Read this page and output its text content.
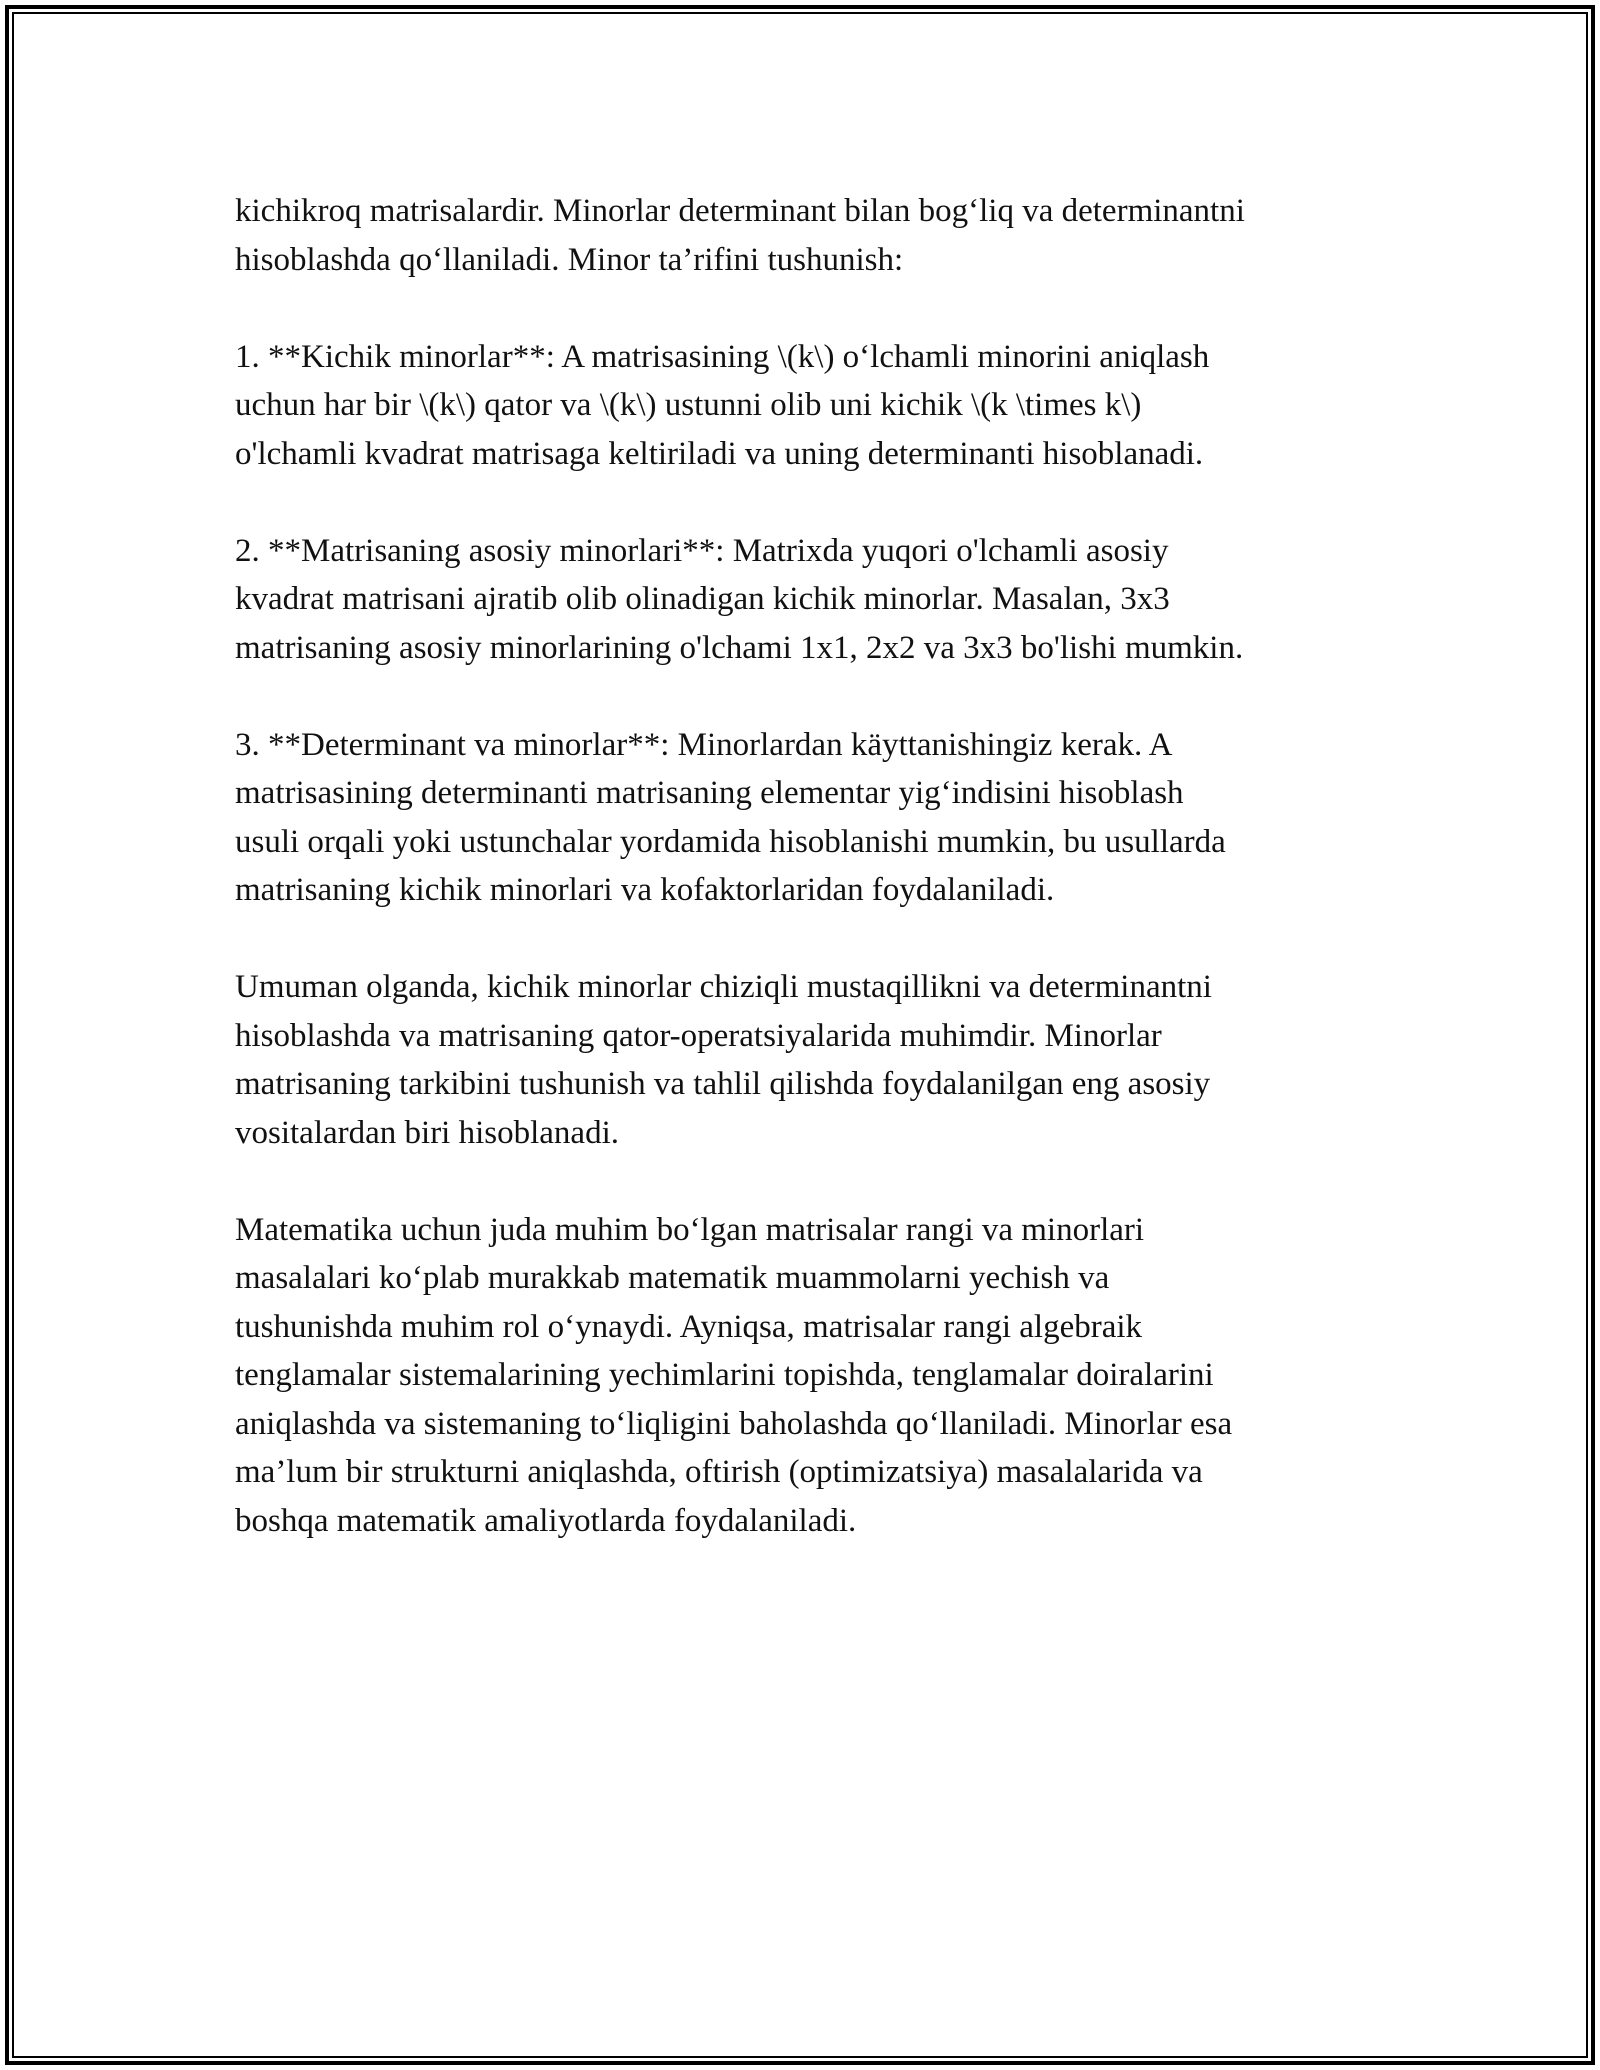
kichikroq matrisalardir. Minorlar determinant bilan bog‘liq va determinantni
hisoblashda qo‘llaniladi. Minor ta’rifini tushunish:

1. **Kichik minorlar**: A matrisasining \(k\) o‘lchamli minorini aniqlash
uchun har bir \(k\) qator va \(k\) ustunni olib uni kichik \(k \times k\)
o'lchamli kvadrat matrisaga keltiriladi va uning determinanti hisoblanadi.

2. **Matrisaning asosiy minorlari**: Matrixda yuqori o'lchamli asosiy
kvadrat matrisani ajratib olib olinadigan kichik minorlar. Masalan, 3x3
matrisaning asosiy minorlarining o'lchami 1x1, 2x2 va 3x3 bo'lishi mumkin.

3. **Determinant va minorlar**: Minorlardan käyttanishingiz kerak. A
matrisasining determinanti matrisaning elementar yig‘indisini hisoblash
usuli orqali yoki ustunchalar yordamida hisoblanishi mumkin, bu usullarda
matrisaning kichik minorlari va kofaktorlaridan foydalaniladi.

Umuman olganda, kichik minorlar chiziqli mustaqillikni va determinantni
hisoblashda va matrisaning qator-operatsiyalarida muhimdir. Minorlar
matrisaning tarkibini tushunish va tahlil qilishda foydalanilgan eng asosiy
vositalardan biri hisoblanadi.

Matematika uchun juda muhim bo‘lgan matrisalar rangi va minorlari
masalalari ko‘plab murakkab matematik muammolarni yechish va
tushunishda muhim rol o‘ynaydi. Ayniqsa, matrisalar rangi algebraik
tenglamalar sistemalarining yechimlarini topishda, tenglamalar doiralarini
aniqlashda va sistemaning to‘liqligini baholashda qo‘llaniladi. Minorlar esa
ma’lum bir strukturni aniqlashda, oftirish (optimizatsiya) masalalarida va
boshqa matematik amaliyotlarda foydalaniladi.
